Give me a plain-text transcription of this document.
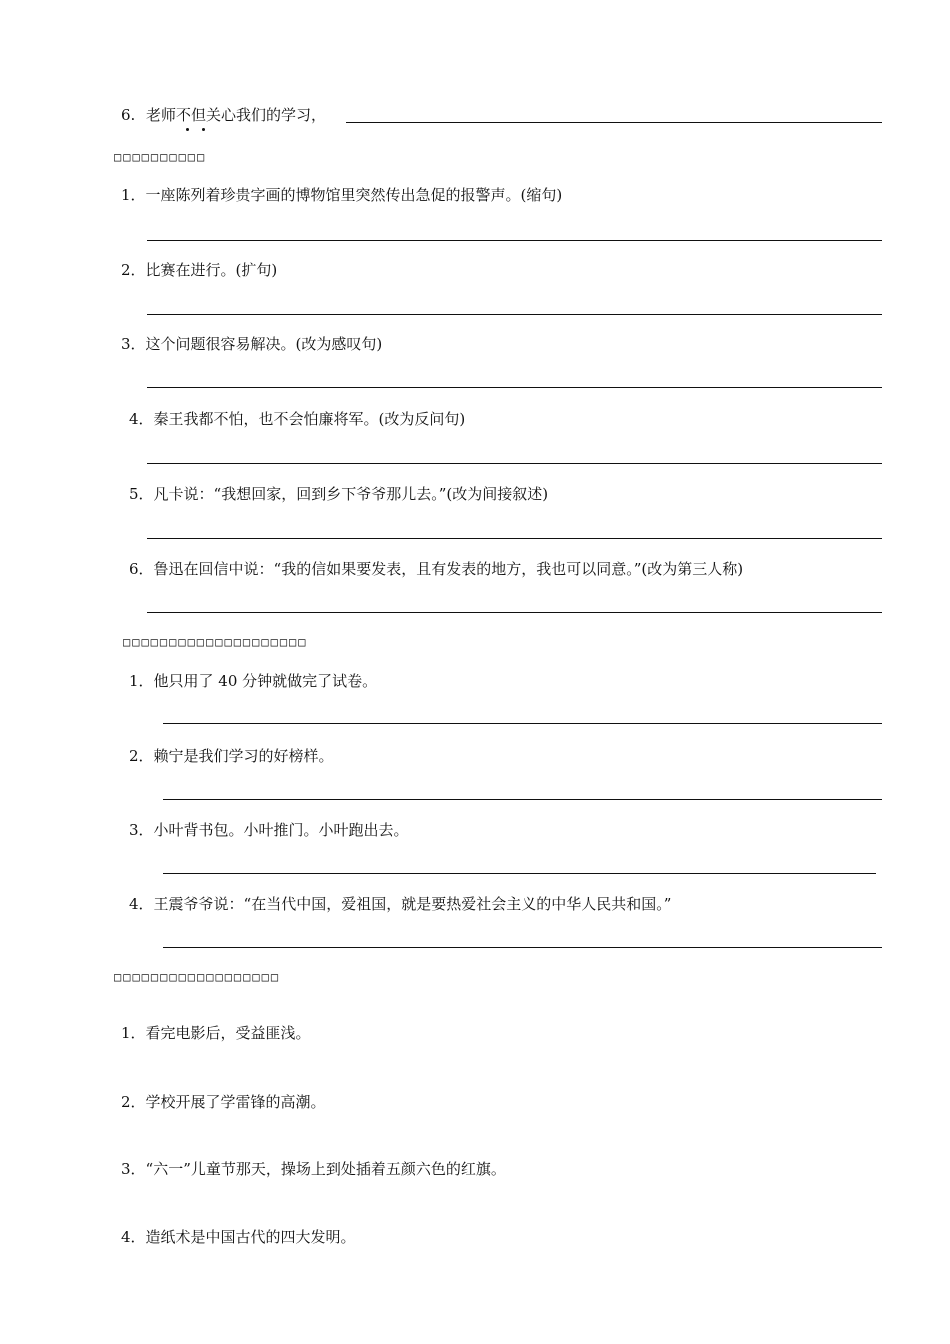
6. 老师不但关心我们的学习，
□□□□□□□□□□
1．一座陈列着珍贵字画的博物馆里突然传出急促的报警声。(缩句)
2．比赛在进行。(扩句)
3．这个问题很容易解决。(改为感叹句)
4．秦王我都不怕，也不会怕廉将军。(改为反问句)
5．凡卡说：“我想回家，回到乡下爷爷那儿去。”(改为间接叙述)
6．鲁迅在回信中说：“我的信如果要发表，且有发表的地方，我也可以同意。”(改为第三人称)
□□□□□□□□□□□□□□□□□□□□
1．他只用了 40 分钟就做完了试卷。
2．赖宁是我们学习的好榜样。
3．小叶背书包。小叶推门。小叶跑出去。
4．王震爷爷说：“在当代中国，爱祖国，就是要热爱社会主义的中华人民共和国。”
□□□□□□□□□□□□□□□□□□
1．看完电影后，受益匪浅。
2．学校开展了学雷锋的高潮。
3．“六一”儿童节那天，操场上到处插着五颜六色的红旗。
4．造纸术是中国古代的四大发明。
